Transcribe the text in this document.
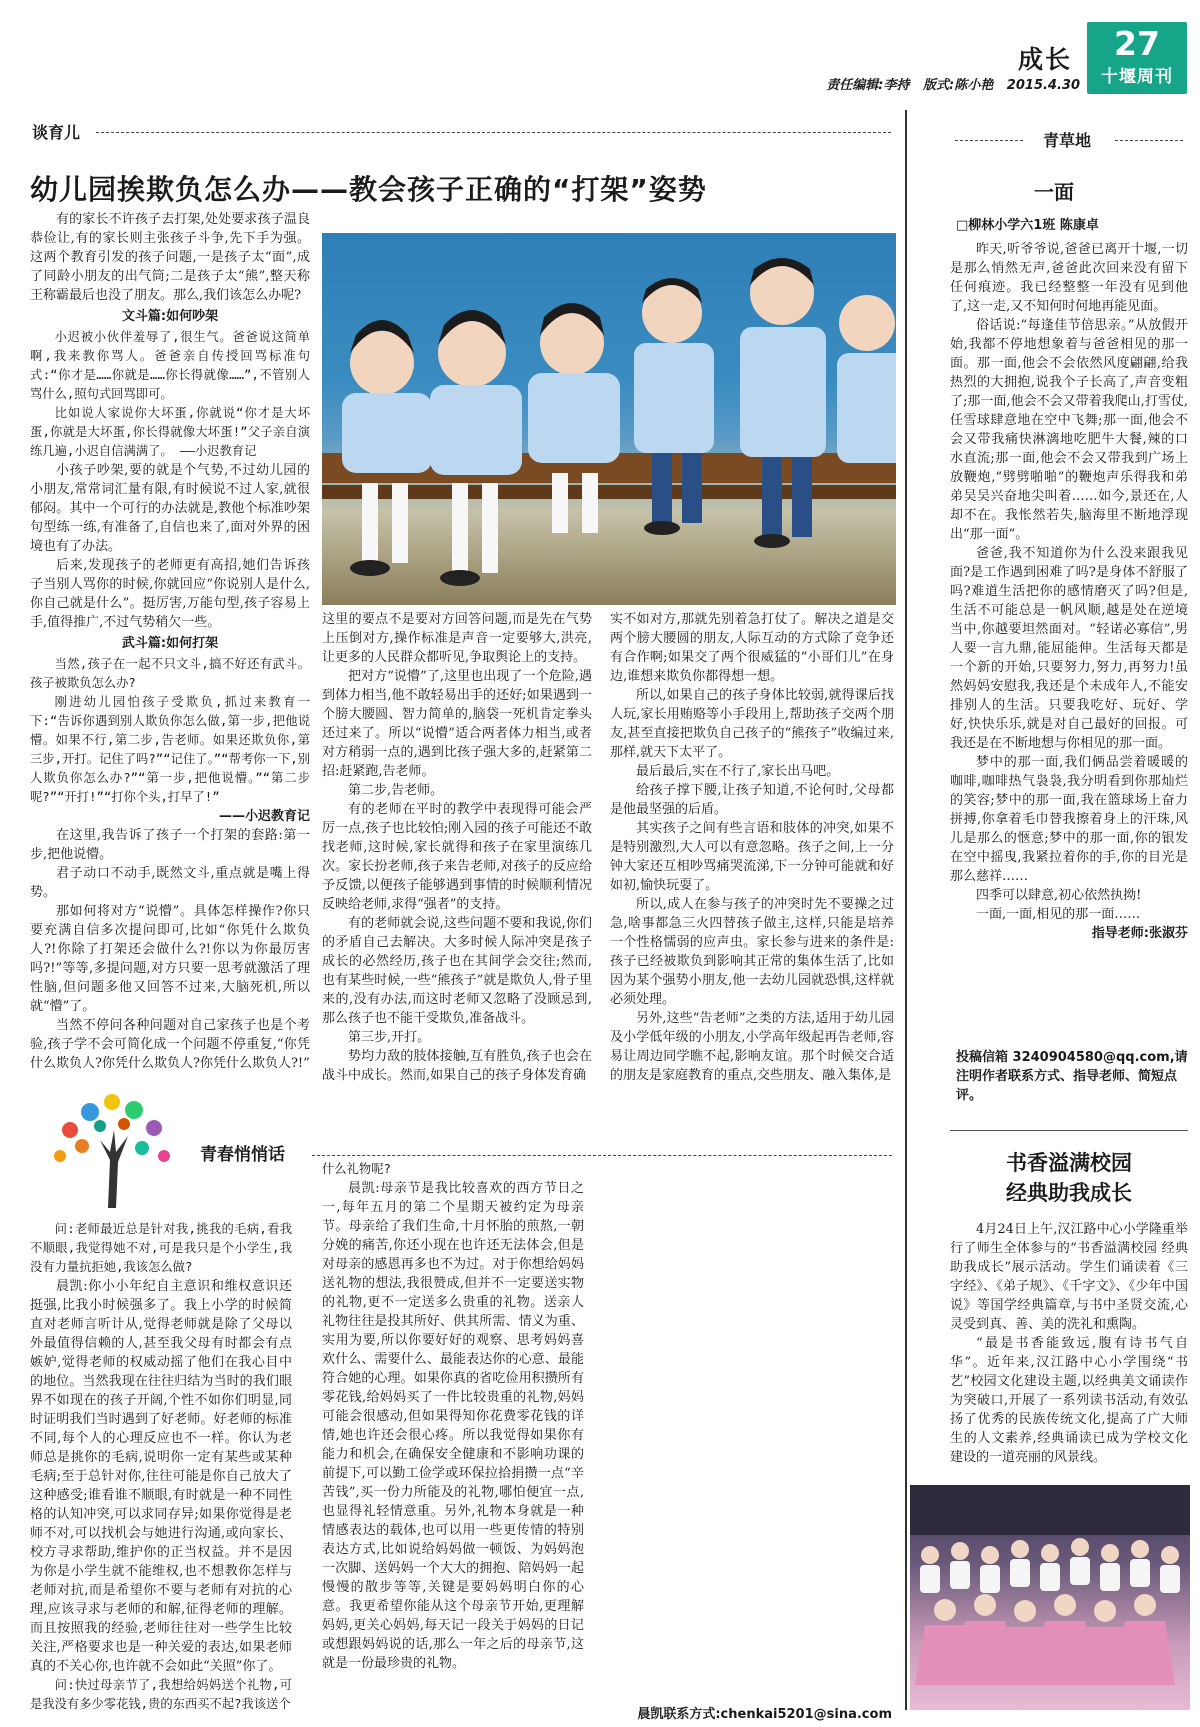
成长	27
十堰周刊
责任编辑:李持   版式:陈小艳   2015.4.30
谈育儿
幼儿园挨欺负怎么办——教会孩子正确的“打架”姿势

有的家长不许孩子去打架,处处要求孩子温良恭俭让,有的家长则主张孩子斗争,先下手为强。这两个教育引发的孩子问题,一是孩子太“面”,成了同龄小朋友的出气筒;二是孩子太“熊”,整天称王称霸最后也没了朋友。那么,我们该怎么办呢?

文斗篇:如何吵架

小迟被小伙伴羞辱了,很生气。爸爸说这简单啊,我来教你骂人。爸爸亲自传授回骂标准句式:“你才是……你就是……你长得就像……”,不管别人骂什么,照句式回骂即可。

比如说人家说你大坏蛋,你就说“你才是大坏蛋,你就是大坏蛋,你长得就像大坏蛋!”父子亲自演练几遍,小迟自信满满了。 ——小迟教育记

小孩子吵架,要的就是个气势,不过幼儿园的小朋友,常常词汇量有限,有时候说不过人家,就很郁闷。其中一个可行的办法就是,教他个标准吵架句型练一练,有准备了,自信也来了,面对外界的困境也有了办法。

后来,发现孩子的老师更有高招,她们告诉孩子当别人骂你的时候,你就回应“你说别人是什么,你自己就是什么”。挺厉害,万能句型,孩子容易上手,值得推广,不过气势稍欠一些。

武斗篇:如何打架

当然,孩子在一起不只文斗,搞不好还有武斗。孩子被欺负怎么办?

刚进幼儿园怕孩子受欺负,抓过来教育一下:“告诉你遇到别人欺负你怎么做,第一步,把他说懵。如果不行,第二步,告老师。如果还欺负你,第三步,开打。记住了吗?”“记住了。”“帮考你一下,别人欺负你怎么办?”“第一步,把他说懵。”“第二步呢?”“开打!”“打你个头,打早了!”

——小迟教育记

在这里,我告诉了孩子一个打架的套路:第一步,把他说懵。

君子动口不动手,既然文斗,重点就是嘴上得势。

那如何将对方“说懵”。具体怎样操作?你只要充满自信多次提问即可,比如“你凭什么欺负人?!你除了打架还会做什么?!你以为你最厉害吗?!”等等,多提问题,对方只要一思考就激活了理性脑,但问题多他又回答不过来,大脑死机,所以就“懵”了。

当然不停问各种问题对自己家孩子也是个考验,孩子学不会可简化成一个问题不停重复,“你凭什么欺负人?你凭什么欺负人?你凭什么欺负人?!”

这里的要点不是要对方回答问题,而是先在气势上压倒对方,操作标准是声音一定要够大,洪亮,让更多的人民群众都听见,争取舆论上的支持。

把对方“说懵”了,这里也出现了一个危险,遇到体力相当,他不敢轻易出手的还好;如果遇到一个膀大腰圆、智力简单的,脑袋一死机肯定拳头还过来了。所以“说懵”适合两者体力相当,或者对方稍弱一点的,遇到比孩子强大多的,赶紧第二招:赶紧跑,告老师。

第二步,告老师。

有的老师在平时的教学中表现得可能会严厉一点,孩子也比较怕;刚入园的孩子可能还不敢找老师,这时候,家长就得和孩子在家里演练几次。家长扮老师,孩子来告老师,对孩子的反应给予反馈,以便孩子能够遇到事情的时候顺利情况反映给老师,求得“强者”的支持。

有的老师就会说,这些问题不要和我说,你们的矛盾自己去解决。大多时候人际冲突是孩子成长的必然经历,孩子也在其间学会交往;然而,也有某些时候,一些“熊孩子”就是欺负人,骨子里来的,没有办法,而这时老师又忽略了没顾忌到,那么孩子也不能干受欺负,准备战斗。

第三步,开打。

势均力敌的肢体接触,互有胜负,孩子也会在战斗中成长。然而,如果自己的孩子身体发育确

实不如对方,那就先别着急打仗了。解决之道是交两个膀大腰圆的朋友,人际互动的方式除了竞争还有合作啊;如果交了两个很威猛的“小哥们儿”在身边,谁想来欺负你都得想一想。

所以,如果自己的孩子身体比较弱,就得课后找人玩,家长用贿赂等小手段用上,帮助孩子交两个朋友,甚至直接把欺负自己孩子的“熊孩子”收编过来,那样,就天下太平了。

最后最后,实在不行了,家长出马吧。

给孩子撑下腰,让孩子知道,不论何时,父母都是他最坚强的后盾。

其实孩子之间有些言语和肢体的冲突,如果不是特别激烈,大人可以有意忽略。孩子之间,上一分钟大家还互相吵骂痛哭流涕,下一分钟可能就和好如初,愉快玩耍了。

所以,成人在参与孩子的冲突时先不要操之过急,啥事都急三火四替孩子做主,这样,只能是培养一个性格懦弱的应声虫。家长参与进来的条件是:孩子已经被欺负到影响其正常的集体生活了,比如因为某个强势小朋友,他一去幼儿园就恐惧,这样就必须处理。

另外,这些“告老师”之类的方法,适用于幼儿园及小学低年级的小朋友,小学高年级起再告老师,容易让周边同学瞧不起,影响友谊。那个时候交合适的朋友是家庭教育的重点,交些朋友、融入集体,是

青春悄悄话

问:老师最近总是针对我,挑我的毛病,看我不顺眼,我觉得她不对,可是我只是个小学生,我没有力量抗拒她,我该怎么做?

晨凯:你小小年纪自主意识和维权意识还挺强,比我小时候强多了。我上小学的时候简直对老师言听计从,觉得老师就是除了父母以外最值得信赖的人,甚至我父母有时都会有点嫉妒,觉得老师的权威动摇了他们在我心目中的地位。当然我现在往往归结为当时的我们眼界不如现在的孩子开阔,个性不如你们明显,同时证明我们当时遇到了好老师。好老师的标准不同,每个人的心理反应也不一样。你认为老师总是挑你的毛病,说明你一定有某些或某种毛病;至于总针对你,往往可能是你自己放大了这种感受;谁看谁不顺眼,有时就是一种不同性格的认知冲突,可以求同存异;如果你觉得是老师不对,可以找机会与她进行沟通,或向家长、校方寻求帮助,维护你的正当权益。并不是因为你是小学生就不能维权,也不想教你怎样与老师对抗,而是希望你不要与老师有对抗的心理,应该寻求与老师的和解,征得老师的理解。而且按照我的经验,老师往往对一些学生比较关注,严格要求也是一种关爱的表达,如果老师真的不关心你,也许就不会如此“关照”你了。

问:快过母亲节了,我想给妈妈送个礼物,可是我没有多少零花钱,贵的东西买不起?我该送个

什么礼物呢?

晨凯:母亲节是我比较喜欢的西方节日之一,每年五月的第二个星期天被约定为母亲节。母亲给了我们生命,十月怀胎的煎熬,一朝分娩的痛苦,你还小现在也许还无法体会,但是对母亲的感恩再多也不为过。对于你想给妈妈送礼物的想法,我很赞成,但并不一定要送实物的礼物,更不一定送多么贵重的礼物。送亲人礼物往往是投其所好、供其所需、情义为重、实用为要,所以你要好好的观察、思考妈妈喜欢什么、需要什么、最能表达你的心意、最能符合她的心理。如果你真的省吃俭用积攒所有零花钱,给妈妈买了一件比较贵重的礼物,妈妈可能会很感动,但如果得知你花费零花钱的详情,她也许还会很心疼。所以我觉得如果你有能力和机会,在确保安全健康和不影响功课的前提下,可以勤工俭学或环保拉拾捐攒一点“辛苦钱”,买一份力所能及的礼物,哪怕便宜一点,也显得礼轻情意重。另外,礼物本身就是一种情感表达的载体,也可以用一些更传情的特别表达方式,比如说给妈妈做一顿饭、为妈妈泡一次脚、送妈妈一个大大的拥抱、陪妈妈一起慢慢的散步等等,关键是要妈妈明白你的心意。我更希望你能从这个母亲节开始,更理解妈妈,更关心妈妈,每天记一段关于妈妈的日记或想跟妈妈说的话,那么一年之后的母亲节,这就是一份最珍贵的礼物。

晨凯联系方式:chenkai5201@sina.com
青草地
一面
□柳林小学六1班 陈康卓

昨天,听爷爷说,爸爸已离开十堰,一切是那么悄然无声,爸爸此次回来没有留下任何痕迹。我已经整整一年没有见到他了,这一走,又不知何时何地再能见面。

俗话说:“每逢佳节倍思亲。”从放假开始,我都不停地想象着与爸爸相见的那一面。那一面,他会不会依然风度翩翩,给我热烈的大拥抱,说我个子长高了,声音变粗了;那一面,他会不会又带着我爬山,打雪仗,任雪球肆意地在空中飞舞;那一面,他会不会又带我痛快淋漓地吃肥牛大餐,辣的口水直流;那一面,他会不会又带我到广场上放鞭炮,“劈劈啪啪”的鞭炮声乐得我和弟弟吴吴兴奋地尖叫着……如今,景还在,人却不在。我怅然若失,脑海里不断地浮现出“那一面”。

爸爸,我不知道你为什么没来跟我见面?是工作遇到困难了吗?是身体不舒服了吗?难道生活把你的感情磨灭了吗?但是,生活不可能总是一帆风顺,越是处在逆境当中,你越要坦然面对。“轻诺必寡信”,男人要一言九鼎,能屈能伸。生活每天都是一个新的开始,只要努力,努力,再努力!虽然妈妈安慰我,我还是个未成年人,不能安排别人的生活。只要我吃好、玩好、学好,快快乐乐,就是对自己最好的回报。可我还是在不断地想与你相见的那一面。

梦中的那一面,我们俩品尝着暖暖的咖啡,咖啡热气袅袅,我分明看到你那灿烂的笑容;梦中的那一面,我在篮球场上奋力拼搏,你拿着毛巾替我擦着身上的汗珠,风儿是那么的惬意;梦中的那一面,你的银发在空中摇曳,我紧拉着你的手,你的目光是那么慈祥……

四季可以肆意,初心依然执拗!

一面,一面,相见的那一面……

指导老师:张淑芬

投稿信箱 3240904580@qq.com,请注明作者联系方式、指导老师、简短点评。
书香溢满校园
经典助我成长

4月24日上午,汉江路中心小学隆重举行了师生全体参与的“书香溢满校园 经典助我成长”展示活动。学生们诵读着《三字经》、《弟子规》、《千字文》、《少年中国说》等国学经典篇章,与书中圣贤交流,心灵受到真、善、美的洗礼和熏陶。

“最是书香能致远,腹有诗书气自华”。近年来,汉江路中心小学围绕“书艺”校园文化建设主题,以经典美文诵读作为突破口,开展了一系列读书活动,有效弘扬了优秀的民族传统文化,提高了广大师生的人文素养,经典诵读已成为学校文化建设的一道亮丽的风景线。
